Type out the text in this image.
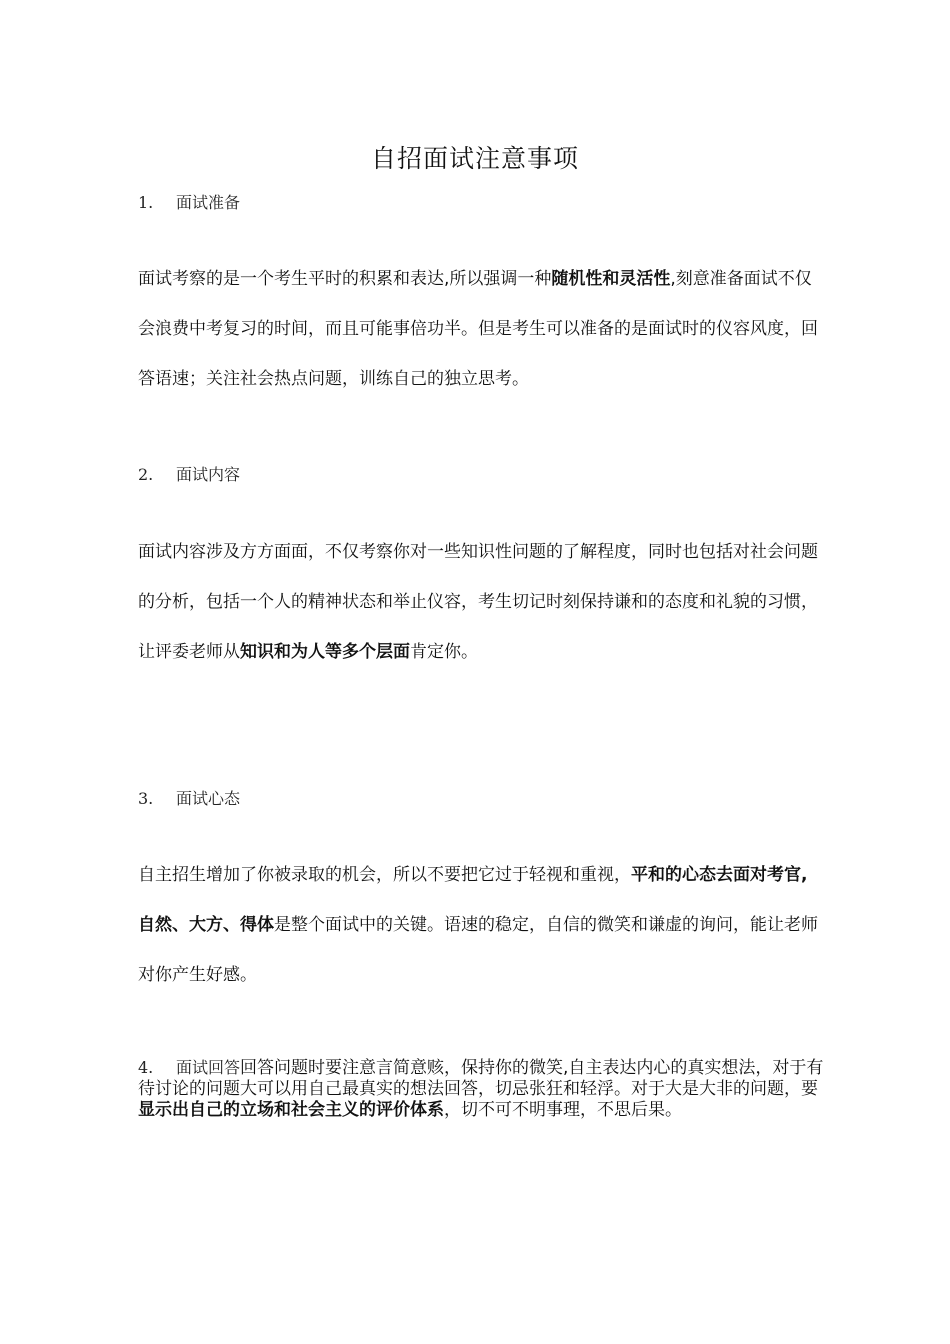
自招面试注意事项
1. 面试准备

面试考察的是一个考生平时的积累和表达,所以强调一种随机性和灵活性,刻意准备面试不仅会浪费中考复习的时间，而且可能事倍功半。但是考生可以准备的是面试时的仪容风度，回答语速；关注社会热点问题，训练自己的独立思考。

2. 面试内容

面试内容涉及方方面面，不仅考察你对一些知识性问题的了解程度，同时也包括对社会问题的分析，包括一个人的精神状态和举止仪容，考生切记时刻保持谦和的态度和礼貌的习惯，让评委老师从知识和为人等多个层面肯定你。

3. 面试心态

自主招生增加了你被录取的机会，所以不要把它过于轻视和重视，平和的心态去面对考官,自然、大方、得体是整个面试中的关键。语速的稳定，自信的微笑和谦虚的询问，能让老师对你产生好感。

4. 面试回答回答问题时要注意言简意赅，保持你的微笑,自主表达内心的真实想法，对于有待讨论的问题大可以用自己最真实的想法回答，切忌张狂和轻浮。对于大是大非的问题，要显示出自己的立场和社会主义的评价体系，切不可不明事理，不思后果。
